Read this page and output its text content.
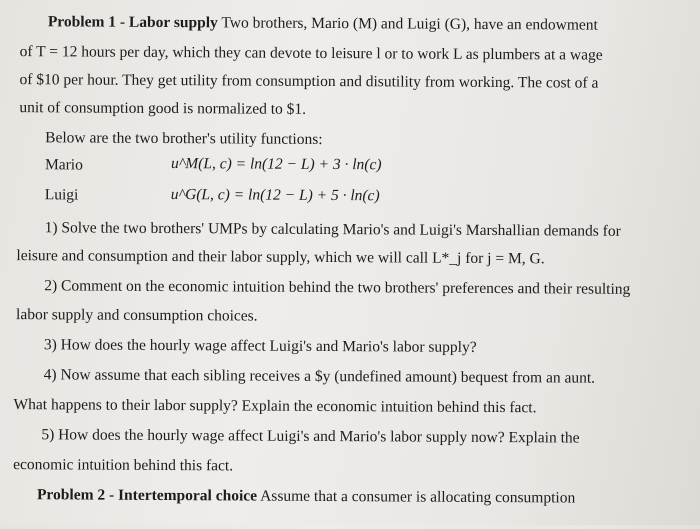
Problem 1 - Labor supply Two brothers, Mario (M) and Luigi (G), have an endowment
of T = 12 hours per day, which they can devote to leisure l or to work L as plumbers at a wage
of $10 per hour. They get utility from consumption and disutility from working. The cost of a
unit of consumption good is normalized to $1.
Below are the two brother's utility functions:
Mario	u^M(L, c) = ln(12 − L) + 3 · ln(c)
Luigi	u^G(L, c) = ln(12 − L) + 5 · ln(c)
1) Solve the two brothers' UMPs by calculating Mario's and Luigi's Marshallian demands for
leisure and consumption and their labor supply, which we will call L*_j for j = M, G.
2) Comment on the economic intuition behind the two brothers' preferences and their resulting
labor supply and consumption choices.
3) How does the hourly wage affect Luigi's and Mario's labor supply?
4) Now assume that each sibling receives a $y (undefined amount) bequest from an aunt.
What happens to their labor supply? Explain the economic intuition behind this fact.
5) How does the hourly wage affect Luigi's and Mario's labor supply now? Explain the
economic intuition behind this fact.
Problem 2 - Intertemporal choice Assume that a consumer is allocating consumption
